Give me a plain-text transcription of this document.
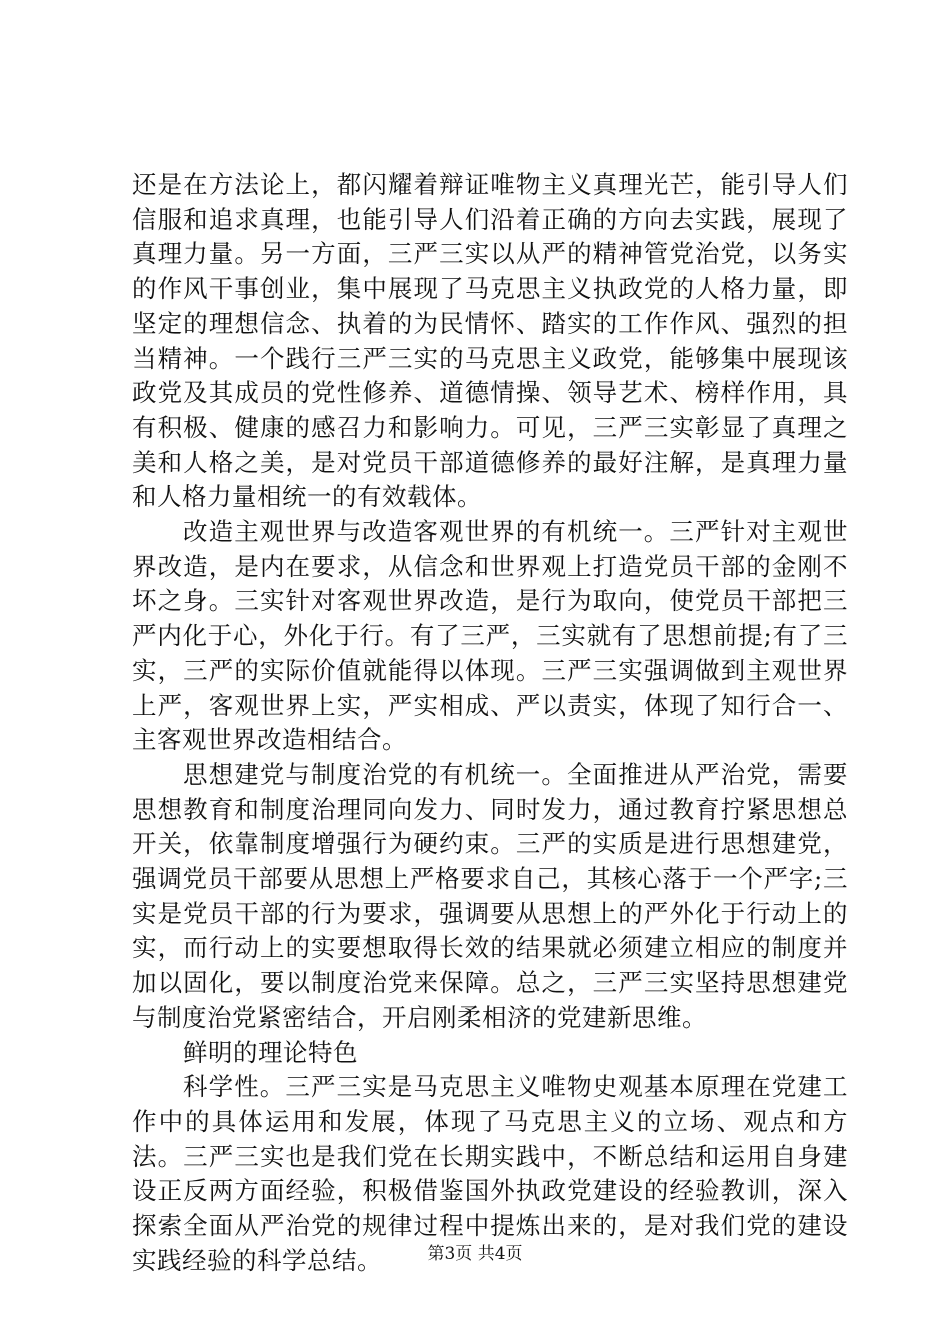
还是在方法论上，都闪耀着辩证唯物主义真理光芒，能引导人们信服和追求真理，也能引导人们沿着正确的方向去实践，展现了真理力量。另一方面，三严三实以从严的精神管党治党，以务实的作风干事创业，集中展现了马克思主义执政党的人格力量，即坚定的理想信念、执着的为民情怀、踏实的工作作风、强烈的担当精神。一个践行三严三实的马克思主义政党，能够集中展现该政党及其成员的党性修养、道德情操、领导艺术、榜样作用，具有积极、健康的感召力和影响力。可见，三严三实彰显了真理之美和人格之美，是对党员干部道德修养的最好注解，是真理力量和人格力量相统一的有效载体。

改造主观世界与改造客观世界的有机统一。三严针对主观世界改造，是内在要求，从信念和世界观上打造党员干部的金刚不坏之身。三实针对客观世界改造，是行为取向，使党员干部把三严内化于心，外化于行。有了三严，三实就有了思想前提;有了三实，三严的实际价值就能得以体现。三严三实强调做到主观世界上严，客观世界上实，严实相成、严以责实，体现了知行合一、主客观世界改造相结合。

思想建党与制度治党的有机统一。全面推进从严治党，需要思想教育和制度治理同向发力、同时发力，通过教育拧紧思想总开关，依靠制度增强行为硬约束。三严的实质是进行思想建党，强调党员干部要从思想上严格要求自己，其核心落于一个严字;三实是党员干部的行为要求，强调要从思想上的严外化于行动上的实，而行动上的实要想取得长效的结果就必须建立相应的制度并加以固化，要以制度治党来保障。总之，三严三实坚持思想建党与制度治党紧密结合，开启刚柔相济的党建新思维。

鲜明的理论特色

科学性。三严三实是马克思主义唯物史观基本原理在党建工作中的具体运用和发展，体现了马克思主义的立场、观点和方法。三严三实也是我们党在长期实践中，不断总结和运用自身建设正反两方面经验，积极借鉴国外执政党建设的经验教训，深入探索全面从严治党的规律过程中提炼出来的，是对我们党的建设实践经验的科学总结。	第3页 共4页
